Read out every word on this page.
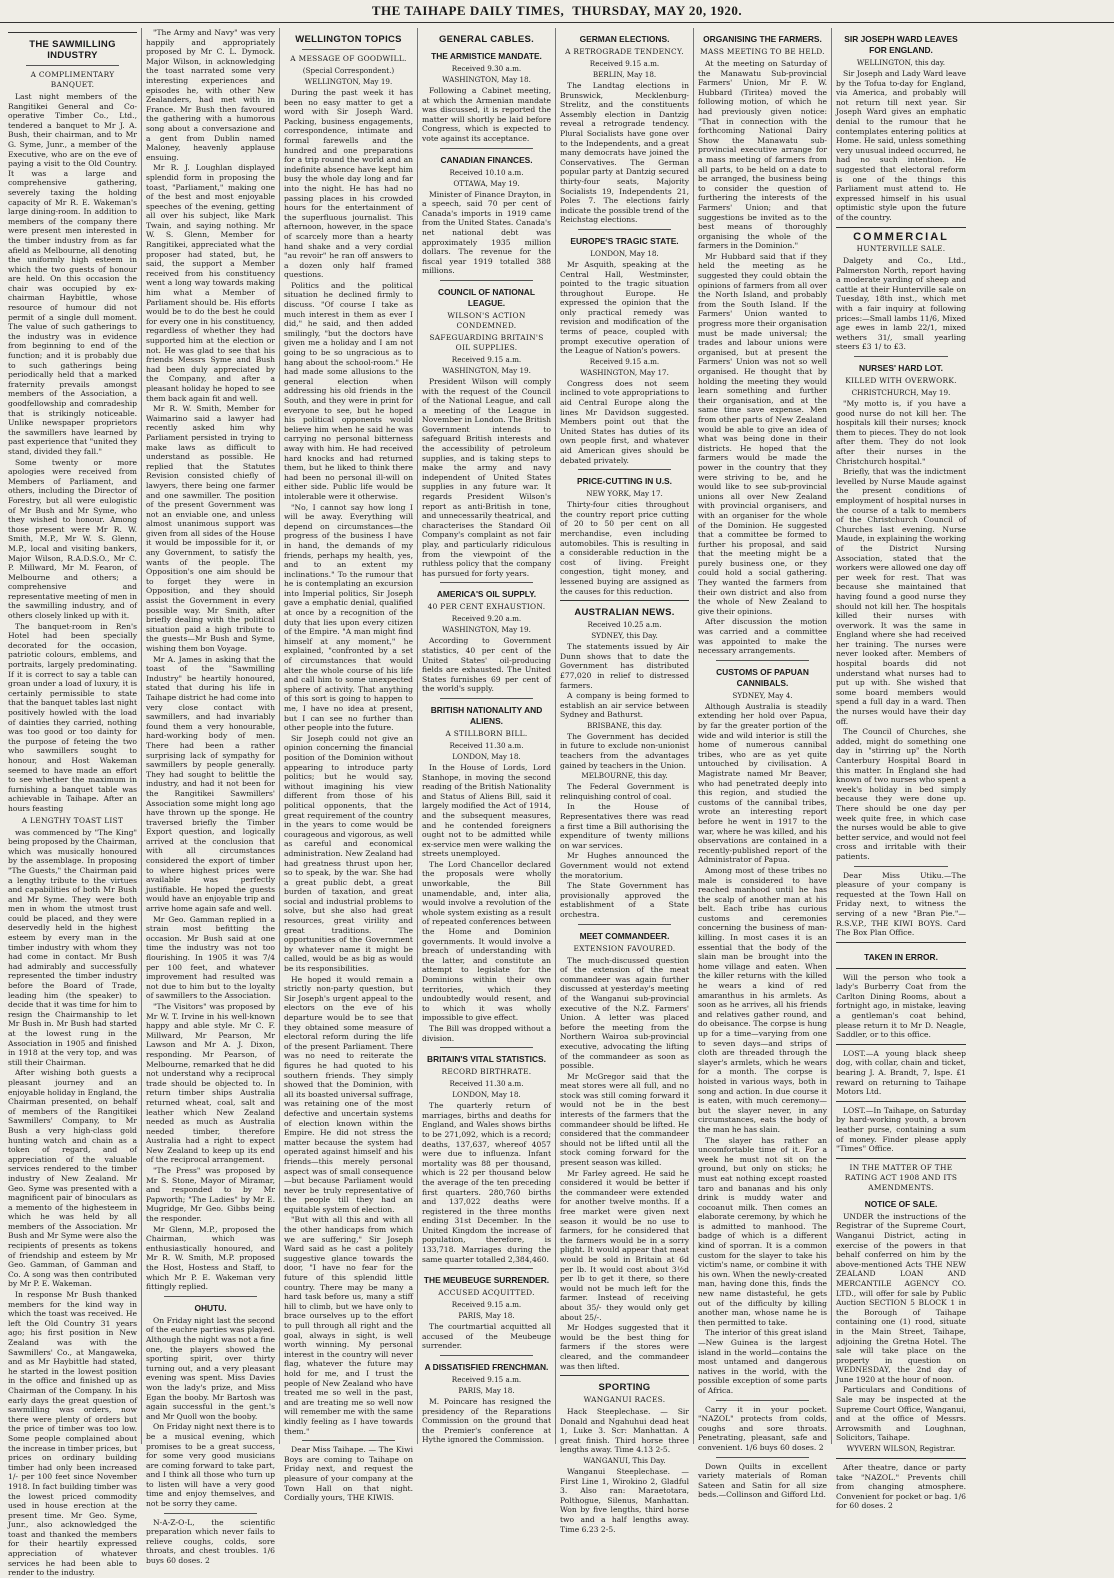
THE TAIHAPE DAILY TIMES, THURSDAY, MAY 20, 1920.
THE SAWMILLING INDUSTRY
A COMPLIMENTARY BANQUET.

Last night members of the Rangitikei General and Co-operative Timber Co., Ltd., tendered a banquet to Mr J. A. Bush, their chairman, and to Mr G. Syme, Junr., a member of the Executive, who are on the eve of paying a visit to the Old Country. It was a large and comprehensive gathering, severely taxing the holding capacity of Mr R. E. Wakeman's large dining-room. In addition to members of the company there were present men interested in the timber industry from as far afield as Melbourne, all denoting the uniformly high esteem in which the two guests of honour are held. On this occasion the chair was occupied by ex-chairman Haybittle, whose resource of humour did not permit of a single dull moment. The value of such gatherings to the industry was in evidence from beginning to end of the function; and it is probably due to such gatherings being periodically held that a marked fraternity prevails amongst members of the Association, a goodfellowship and comradeship that is strikingly noticeable. Unlike newspaper proprietors the sawmillers have learned by past experience that "united they stand, divided they fall."

Some twenty or more apologies were received from Members of Parliament, and others, including the Director of Forestry, but all were eulogistic of Mr Bush and Mr Syme, who they wished to honour. Among those present were Mr R. W. Smith, M.P., Mr W. S. Glenn, M.P., local and visiting bankers, Major Wilson, R.A.D.S.O., Mr C. P. Millward, Mr M. Fearon, of Melbourne and others; a comprehensive and representative meeting of men in the sawmilling industry, and of others closely linked up with it.

The banquet-room in Ren's Hotel had been specially decorated for the occasion, patriotic colours, emblems, and portraits, largely predominating. If it is correct to say a table can groan under a load of luxury, it is certainly permissible to state that the banquet tables last night positively howled with the load of dainties they carried, nothing was too good or too dainty for the purpose of feteing the two who sawmillers sought to honour, and Host Wakeman seemed to have made an effort to see whether the maximum in furnishing a banquet table was achievable in Taihape. After an hours feasting

A LENGTHY TOAST LIST

was commenced by "The King" being proposed by the Chairman, which was musically honoured by the assemblage. In proposing "The Guests," the Chairman paid a lengthy tribute to the virtues and capabilities of both Mr Bush and Mr Syme. They were both men in whom the utmost trust could be placed, and they were deservedly held in the highest esteem by every man in the timber industry with whom they had come in contact. Mr Bush had admirably and successfully represented the timber industry before the Board of Trade, leading him (the speaker) to decide that it was time for him to resign the Chairmanship to let Mr Bush in. Mr Bush had started at the lowest rung in the Association in 1905 and finished in 1918 at the very top, and was still their Chairman.

After wishing both guests a pleasant journey and an enjoyable holiday in England, the Chairman presented, on behalf of members of the Rangitikei Sawmillers' Company, to Mr Bush a very high-class gold hunting watch and chain as a token of regard, and of appreciation of the valuable services rendered to the timber industry of New Zealand. Mr Geo. Syme was presented with a magnificent pair of binoculars as a memento of the highesteem in which he was held by all members of the Association. Mr Bush and Mr Syme were also the recipients of presents as tokens of friendship and esteem by Mr Geo. Gamman, of Gamman and Co. A song was then contributed by Mr P. E. Wakeman.

In response Mr Bush thanked members for the kind way in which the toast was received. He left the Old Country 31 years ago; his first position in New Zealand was with the Sawmillers' Co., at Mangaweka, and as Mr Haybittle had stated, he started in the lowest position in the office and finished up as Chairman of the Company. In his early days the great question of sawmilling was orders, now there were plenty of orders but the price of timber was too low. Some people complained about the increase in timber prices, but prices on ordinary building timber had only been increased 1/- per 100 feet since November 1918. In fact building timber was the lowest priced commodity used in house erection at the present time. Mr Geo. Syme, Junr., also acknowledged the toast and thanked the members for their heartily expressed appreciation of whatever services he had been able to render to the industry.

"The Army and Navy" was very happily and appropriately proposed by Mr C. L. Dymock. Major Wilson, in acknowledging the toast narrated some very interesting experiences and episodes he, with other New Zealanders, had met with in France. Mr Bush then favoured the gathering with a humorous song about a conversazione and a gent from Dublin named Maloney, heavenly applause ensuing.

Mr R. J. Loughlan displayed splendid form in proposing the toast, "Parliament," making one of the best and most enjoyable speeches of the evening, getting all over his subject, like Mark Twain, and saying nothing. Mr W. S. Glenn, Member for Rangitikei, appreciated what the proposer had stated, but, he said, the support a Member received from his constituency went a long way towards making him what a Member of Parliament should be. His efforts would be to do the best he could for every one in his constituency, regardless of whether they had supported him at the election or not. He was glad to see that his friends Messrs Syme and Bush had been duly appreciated by the Company, and after a pleasant holiday he hoped to see them back again fit and well.

Mr R. W. Smith, Member for Waimarino said a lawyer had recently asked him why Parliament persisted in trying to make laws as difficult to understand as possible. He replied that the Statutes Revision consisted chiefly of lawyers, there being one farmer and one sawmiller. The position of the present Government was not an enviable one, and unless almost unanimous support was given from all sides of the House it would be impossible for it, or any Government, to satisfy the wants of the people. The Opposition's one aim should be to forget they were in Opposition, and they should assist the Government in every possible way. Mr Smith, after briefly dealing with the political situation paid a high tribute to the guests—Mr Bush and Syme, wishing them bon Voyage.

Mr A. James in asking that the toast of the "Sawmilling Industry" be heartily honoured, stated that during his life in Taihape district he had come into very close contact with sawmillers, and had invariably found them a very honourable, hard-working body of men. There had been a rather surprising lack of sympathy for sawmillers by people generally. They had sought to belittle the industry, and had it not been for the Rangitikei Sawmillers' Association some might long ago have thrown up the sponge. He traversed briefly the Timber Export question, and logically arrived at the conclusion that with all circumstances considered the export of timber to where highest prices were available was perfectly justifiable. He hoped the guests would have an enjoyable trip and arrive home again safe and well.

Mr Geo. Gamman replied in a strain most befitting the occasion. Mr Bush said at one time the industry was not too flourishing. In 1905 it was 7/4 per 100 feet, and whatever improvement had resulted was not due to him but to the loyalty of sawmillers to the Association.

"The Visitors" was proposed by Mr W. T. Irvine in his well-known happy and able style. Mr C. F. Millward, Mr Pearson, Mr Lawson and Mr A. J. Dixon, responding. Mr Pearson, of Melbourne, remarked that he did not understand why a reciprocal trade should be objected to. In return timber ships Australia returned wheat, coal, salt and leather which New Zealand needed as much as Australia needed timber, therefore Australia had a right to expect New Zealand to keep up its end of the reciprocal arrangement.

"The Press" was proposed by Mr S. Stone, Mayor of Miramar, and responded to by Mr Papworth; "The Ladies" by Mr E. Mugridge, Mr Geo. Gibbs being the responder.

Mr Glenn, M.P., proposed the Chairman, which was enthusiastically honoured, and Mr R. W. Smith, M.P. proposed the Host, Hostess and Staff, to which Mr P. E. Wakeman very fittingly replied.

OHUTU.

On Friday night last the second of the euchre parties was played. Although the night was not a fine one, the players showed the sporting spirit, over thirty turning out, and a very pleasant evening was spent. Miss Davies won the lady's prize, and Miss Egan the booby. Mr Bartosh was again successful in the gent.'s and Mr Quoll won the booby.

On Friday night next there is to be a musical evening, which promises to be a great success, for some very good musicians are coming forward to take part, and I think all those who turn up to listen will have a very good time and enjoy themselves, and not be sorry they came.

N-A-Z-O-L, the scientific preparation which never fails to relieve coughs, colds, sore throats, and chest troubles. 1/6 buys 60 doses. 2

WELLINGTON TOPICS
A MESSAGE OF GOODWILL.
(Special Correspondent.)
WELLINGTON, May 19.

During the past week it has been no easy matter to get a word with Sir Joseph Ward. Packing, business engagements, correspondence, intimate and formal farewells and the hundred and one preparations for a trip round the world and an indefinite absence have kept him busy the whole day long and far into the night. He has had no passing places in his crowded hours for the entertainment of the superfluous journalist. This afternoon, however, in the space of scarcely more than a hearty hand shake and a very cordial "au revoir" he ran off answers to a dozen only half framed questions.

Politics and the political situation he declined firmly to discuss. "Of course I take as much interest in them as ever I did," he said, and then added smilingly, "but the doctors have given me a holiday and I am not going to be so ungracious as to hang about the school-room." He had made some allusions to the general election when addressing his old friends in the South, and they were in print for everyone to see, but he hoped his political opponents would believe him when he said he was carrying no personal bitterness away with him. He had received hard knocks and had returned them, but he liked to think there had been no personal ill-will on either side. Public life would be intolerable were it otherwise.

"No, I cannot say how long I will be away. Everything will depend on circumstances—the progress of the business I have in hand, the demands of my friends, perhaps my health, yes, and to an extent my inclinations." To the rumour that he is contemplating an excursion into Imperial politics, Sir Joseph gave a emphatic denial, qualified at once by a recognition of the duty that lies upon every citizen of the Empire. "A man might find himself at any moment," he explained, "confronted by a set of circumstances that would alter the whole course of his life and call him to some unexpected sphere of activity. That anything of this sort is going to happen to me, I have no idea at present, but I can see no further than other people into the future.

Sir Joseph could not give an opinion concerning the financial position of the Dominion without appearing to introduce party politics; but he would say, without imagining his view different from those of his political opponents, that the great requirement of the country in the years to come would be courageous and vigorous, as well as careful and economical administration. New Zealand had had greatness thrust upon her, so to speak, by the war. She had a great public debt, a great burden of taxation, and great social and industrial problems to solve, but she also had great resources, great virility and great traditions. The opportunities of the Government by whatever name it might be called, would be as big as would be its responsibilities.

He hoped it would remain a strictly non-party question, but Sir Joseph's urgent appeal to the electors on the eve of his departure would be to see that they obtained some measure of electoral reform during the life of the present Parliament. There was no need to reiterate the figures he had quoted to his southern friends. They simply showed that the Dominion, with all its boasted universal suffrage, was retaining one of the most defective and uncertain systems of election known within the Empire. He did not stress the matter because the system had operated against himself and his friends—this merely personal aspect was of small consequence—but because Parliament would never be truly representative of the people till they had an equitable system of election.

"But with all this and with all the other handicaps from which we are suffering," Sir Joseph Ward said as he cast a politely suggestive glance towards the door, "I have no fear for the future of this splendid little country. There may be many a hard task before us, many a stiff hill to climb, but we have only to brace ourselves up to the effort to pull through all right and the goal, always in sight, is well worth winning. My personal interest in the country will never flag, whatever the future may hold for me, and I trust the people of New Zealand who have treated me so well in the past, and are treating me so well now will remember me with the same kindly feeling as I have towards them."

Dear Miss Taihape. — The Kiwi Boys are coming to Taihape on Friday next, and request the pleasure of your company at the Town Hall on that night. Cordially yours, THE KIWIS.

GENERAL CABLES.
THE ARMISTICE MANDATE.
Received 9.30 a.m.
WASHINGTON, May 18.

Following a Cabinet meeting, at which the Armenian mandate was discussed, it is reported the matter will shortly be laid before Congress, which is expected to vote against its acceptance.

CANADIAN FINANCES.
Received 10.10 a.m.
OTTAWA, May 19.

Minister of Finance Drayton, in a speech, said 70 per cent of Canada's imports in 1919 came from the United States. Canada's net national debt was approximately 1935 million dollars. The revenue for the fiscal year 1919 totalled 388 millions.

COUNCIL OF NATIONAL LEAGUE.
WILSON'S ACTION CONDEMNED.
SAFEGUARDING BRITAIN'S OIL SUPPLIES.
Received 9.15 a.m.
WASHINGTON, May 19.

President Wilson will comply with the request of the Council of the National League, and call a meeting of the League in November in London. The British Government intends to safeguard British interests and the accessibility of petroleum supplies, and is taking steps to make the army and navy independent of United States supplies in any future war. It regards President Wilson's report as anti-British in tone, and unnecessarily theatrical, and characterises the Standard Oil Company's complaint as not fair play, and particularly ridiculous from the viewpoint of the ruthless policy that the company has pursued for forty years.

AMERICA'S OIL SUPPLY.
40 PER CENT EXHAUSTION.
Received 9.20 a.m.
WASHINGTON, May 19.

According to Government statistics, 40 per cent of the United States' oil-producing fields are exhausted. The United States furnishes 69 per cent of the world's supply.

BRITISH NATIONALITY AND ALIENS.
A STILLBORN BILL.
Received 11.30 a.m.
LONDON, May 18.

In the House of Lords, Lord Stanhope, in moving the second reading of the British Nationality and Status of Aliens Bill, said it largely modified the Act of 1914, and the subsequent measures, and he contended foreigners ought not to be admitted while ex-service men were walking the streets unemployed.

The Lord Chancellor declared the proposals were wholly unworkable, the Bill unamendable, and, inter alia, would involve a revolution of the whole system existing as a result of repeated conferences between the Home and Dominion governments. It would involve a breach of understanding with the latter, and constitute an attempt to legislate for the Dominions within their own territories, which they undoubtedly would resent, and to which it was wholly impossible to give effect.

The Bill was dropped without a division.

BRITAIN'S VITAL STATISTICS.
RECORD BIRTHRATE.
Received 11.30 a.m.
LONDON, May 18.

The quarterly return of marriages, births and deaths for England, and Wales shows births to be 271,092, which is a record; deaths, 137,637, whereof 4057 were due to influenza. Infant mortality was 88 per thousand, which is 22 per thousand below the average of the ten preceding first quarters. 280,760 births and 137,022 deaths were registered in the three months ending 31st December. In the United Kingdom the increase of population, therefore, is 133,718. Marriages during the same quarter totalled 2,384,460.

THE MEUBEUGE SURRENDER.
ACCUSED ACQUITTED.
Received 9.15 a.m.
PARIS, May 18.

The courtmartial acquitted all accused of the Meubeuge surrender.

A DISSATISFIED FRENCHMAN.
Received 9.15 a.m.
PARIS, May 18.

M. Poincare has resigned the presidency of the Reparations Commission on the ground that the Premier's conference at Hythe ignored the Commission.

GERMAN ELECTIONS.
A RETROGRADE TENDENCY.
Received 9.15 a.m.
BERLIN, May 18.

The Landtag elections in Brunswick, Mecklenburg-Strelitz, and the constituents Assembly election in Dantzig reveal a retrograde tendency. Plural Socialists have gone over to the Independents, and a great many democrats have joined the Conservatives. The German popular party at Dantzig secured thirty-four seats, Majority Socialists 19, Independents 21, Poles 7. The elections fairly indicate the possible trend of the Reichstag elections.

EUROPE'S TRAGIC STATE.
LONDON, May 18.

Mr Asquith, speaking at the Central Hall, Westminster, pointed to the tragic situation throughout Europe. He expressed the opinion that the only practical remedy was revision and modification of the terms of peace, coupled with prompt executive operation of the League of Nation's powers.

Received 9.15 a.m.
WASHINGTON, May 17.

Congress does not seem inclined to vote appropriations to aid Central Europe along the lines Mr Davidson suggested. Members point out that the United States has duties of its own people first, and whatever aid American gives should be debated privately.

PRICE-CUTTING IN U.S.
NEW YORK, May 17.

Thirty-four cities throughout the country report price cutting of 20 to 50 per cent on all merchandise, even including automobiles. This is resulting in a considerable reduction in the cost of living. Freight congestion, tight money, and lessened buying are assigned as the causes for this reduction.

AUSTRALIAN NEWS.
Received 10.25 a.m.
SYDNEY, this Day.

The statements issued by Air Dunn shows that to date the Government has distributed £77,020 in relief to distressed farmers.

A company is being formed to establish an air service between Sydney and Bathurst.

BRISBANE, this day.

The Government has decided in future to exclude non-unionist teachers from the advantages gained by teachers in the Union.

MELBOURNE, this day.

The Federal Government is relinquishing control of coal.

In the House of Representatives there was read a first time a Bill authorising the expenditure of twenty millions on war services.

Mr Hughes announced the Government would not extend the moratorium.

The State Government has provisionally approved the establishment of a State orchestra.

MEET COMMANDEER.
EXTENSION FAVOURED.

The much-discussed question of the extension of the meat commandeer was again further discussed at yesterday's meeting of the Wanganui sub-provincial executive of the N.Z. Farmers' Union. A letter was placed before the meeting from the Northern Wairoa sub-provincial executive, advocating the lifting of the commandeer as soon as possible.

Mr McGregor said that the meat stores were all full, and no stock was still coming forward it would not be in the best interests of the farmers that the commandeer should be lifted. He considered that the commandeer should not be lifted until all the stock coming forward for the present season was killed.

Mr Farley agreed. He said he considered it would be better if the commandeer were extended for another twelve months. If a free market were given next season it would be no use to farmers, for he considered that the farmers would be in a sorry plight. It would appear that meat would be sold in Britain at 6d per lb. It would cost about 3½d per lb to get it there, so there would not be much left for the farmer. Instead of receiving about 35/- they would only get about 25/-.

Mr Hodges suggested that it would be the best thing for farmers if the stores were cleared, and the commandeer was then lifted.

SPORTING
WANGANUI RACES.

Hack Steeplechase. — Sir Donald and Ngahuhui dead heat 1, Luke 3. Scr: Manhattan. A great finish. Third horse three lengths away. Time 4.13 2-5.

WANGANUI, This Day.

Wanganui Steeplechase. — First Line 1, Wirokino 2, Gladful 3. Also ran: Maraetotara, Polthogue, Silenus, Manhattan. Won by five lengths, third horse two and a half lengths away. Time 6.23 2-5.

ORGANISING THE FARMERS.
MASS MEETING TO BE HELD.

At the meeting on Saturday of the Manawatu Sub-provincial Farmers' Union, Mr F. W. Hubbard (Tiritea) moved the following motion, of which he had previously given notice: "That in connection with the forthcoming National Dairy Show the Manawatu sub-provincial executive arrange for a mass meeting of farmers from all parts, to be held on a date to be arranged, the business being to consider the question of furthering the interests of the Farmers' Union; and that suggestions be invited as to the best means of thoroughly organising the whole of the farmers in the Dominion."

Mr Hubbard said that if they held the meeting as he suggested they could obtain the opinions of farmers from all over the North Island, and probably from the South Island. If the Farmers' Union wanted to progress more their organisation must be made universal; the trades and labour unions were organised, but at present the Farmers' Union was not so well organised. He thought that by holding the meeting they would learn something and further their organisation, and at the same time save expense. Men from other parts of New Zealand would be able to give an idea of what was being done in their districts. He hoped that the farmers would be made the power in the country that they were striving to be, and he would like to see sub-provincial unions all over New Zealand with provincial organisers, and with an organiser for the whole of the Dominion. He suggested that a committee be formed to further his proposal, and said that the meeting might be a purely business one, or they could hold a social gathering. They wanted the farmers from their own district and also from the whole of New Zealand to give their opinions.

After discussion the motion was carried and a committee was appointed to make the necessary arrangements.

CUSTOMS OF PAPUAN CANNIBALS.
SYDNEY, May 4.

Although Australia is steadily extending her hold over Papua, by far the greater portion of the wide and wild interior is still the home of numerous cannibal tribes, who are as yet quite untouched by civilisation. A Magistrate named Mr Beaver, who had penetrated deeply into this region, and studied the customs of the cannibal tribes, wrote an interesting report before he went in 1917 to the war, where he was killed, and his observations are contained in a recently-published report of the Administrator of Papua.

Among most of these tribes no male is considered to have reached manhood until he has the scalp of another man at his belt. Each tribe has curious customs and ceremonies concerning the business of man-killing. In most cases it is an essential that the body of the slain man be brought into the home village and eaten. When the killer returns with the killed he wears a kind of red amaranthus in his armlets. As soon as he arrives, all his friends and relatives gather round, and do obeisance. The corpse is hung up for a time—varying from one to seven days—and strips of cloth are threaded through the slayer's armlets, which he wears for a month. The corpse is hoisted in various ways, both in song and action. In due course it is eaten, with much ceremony—but the slayer never, in any circumstances, eats the body of the man he has slain.

The slayer has rather an uncomfortable time of it. For a week he must not sit on the ground, but only on sticks; he must eat nothing except roasted taro and bananas and his only drink is muddy water and cocoanut milk. Then comes an elaborate ceremony, by which he is admitted to manhood. The badge of which is a different kind of sporran. It is a common custom for the slayer to take his victim's name, or combine it with his own. When the newly-created man, having done this, finds the new name distasteful, he gets out of the difficulty by killing another man, whose name he is then permitted to take.

The interior of this great island—New Guinea is the largest island in the world—contains the most untamed and dangerous natives in the world, with the possible exception of some parts of Africa.

Carry it in your pocket. "NAZOL" protects from colds, coughs and sore throats. Penetrating, pleasant, safe and convenient. 1/6 buys 60 doses. 2

Down Quilts in excellent variety materials of Roman Sateen and Satin for all size beds.—Collinson and Gifford Ltd.

SIR JOSEPH WARD LEAVES FOR ENGLAND.
WELLINGTON, this day.

Sir Joseph and Lady Ward leave by the Tofua to-day for England, via America, and probably will not return till next year. Sir Joseph Ward gives an emphatic denial to the rumour that he contemplates entering politics at Home. He said, unless something very unusual indeed occurred, he had no such intention. He suggested that electoral reform is one of the things this Parliament must attend to. He expressed himself in his usual optimistic style upon the future of the country.

COMMERCIAL
HUNTERVILLE SALE.

Dalgety and Co., Ltd., Palmerston North, report having a moderate yarding of sheep and cattle at their Hunterville sale on Tuesday, 18th inst., which met with a fair inquiry at following prices:—Small lambs 11/6, Mixed age ewes in lamb 22/1, mixed wethers 31/, small yearling steers £3 1/ to £3.

NURSES' HARD LOT.
KILLED WITH OVERWORK.
CHRISTCHURCH, May 19.

"My motto is, if you have a good nurse do not kill her. The hospitals kill their nurses; knock them to pieces. They do not look after them. They do not look after their nurses in the Christchurch hospital."

Briefly, that was the indictment levelled by Nurse Maude against the present conditions of employment of hospital nurses in the course of a talk to members of the Christchurch Council of Churches last evening. Nurse Maude, in explaining the working of the District Nursing Association, stated that the workers were allowed one day off per week for rest. That was because she maintained that having found a good nurse they should not kill her. The hospitals killed their nurses with overwork. It was the same in England where she had received her training. The nurses were never looked after. Members of hospital boards did not understand what nurses had to put up with. She wished that some board members would spend a full day in a ward. Then the nurses would have their day off.

The Council of Churches, she added, might do something one day in "stirring up" the North Canterbury Hospital Board in this matter. In England she had known of two nurses who spent a week's holiday in bed simply because they were done up. There should be one day per week quite free, in which case the nurses would be able to give better service, and would not feel cross and irritable with their patients.

Dear Miss Utiku.—The pleasure of your company is requested at the Town Hall on Friday next, to witness the serving of a new "Bran Pie."— R.S.V.P., THE KIWI BOYS. Card The Box Plan Office.

TAKEN IN ERROR.

Will the person who took a lady's Burberry Coat from the Carlton Dining Rooms, about a fortnight ago, in mistake, leaving a gentleman's coat behind, please return it to Mr D. Neagle, Saddler, or to this office.

LOST.—A young black sheep dog, with collar, chain and ticket, bearing J. A. Brandt, 7, Ispe. £1 reward on returning to Taihape Motors Ltd.

LOST.—In Taihape, on Saturday by hard-working youth, a brown leather purse, containing a sum of money. Finder please apply "Times" Office.

IN THE MATTER OF THE RATING ACT 1908 AND ITS AMENDMENTS.
NOTICE OF SALE.

UNDER the instructions of the Registrar of the Supreme Court, Wanganui District, acting in exercise of the powers in that behalf conferred on him by the above-mentioned Acts THE NEW ZEALAND LOAN AND MERCANTILE AGENCY CO. LTD., will offer for sale by Public Auction SECTION 5 BLOCK 1 in the Borough of Taihape containing one (1) rood, situate in the Main Street, Taihape, adjoining the Gretna Hotel. The sale will take place on the property in question on WEDNESDAY, the 2nd day of June 1920 at the hour of noon.

Particulars and Conditions of Sale may be inspected at the Supreme Court Office, Wanganui, and at the office of Messrs. Arrowsmith and Loughnan, Solicitors, Taihape.

WYVERN WILSON, Registrar.

After theatre, dance or party take "NAZOL." Prevents chill from changing atmosphere. Convenient for pocket or bag. 1/6 for 60 doses. 2
